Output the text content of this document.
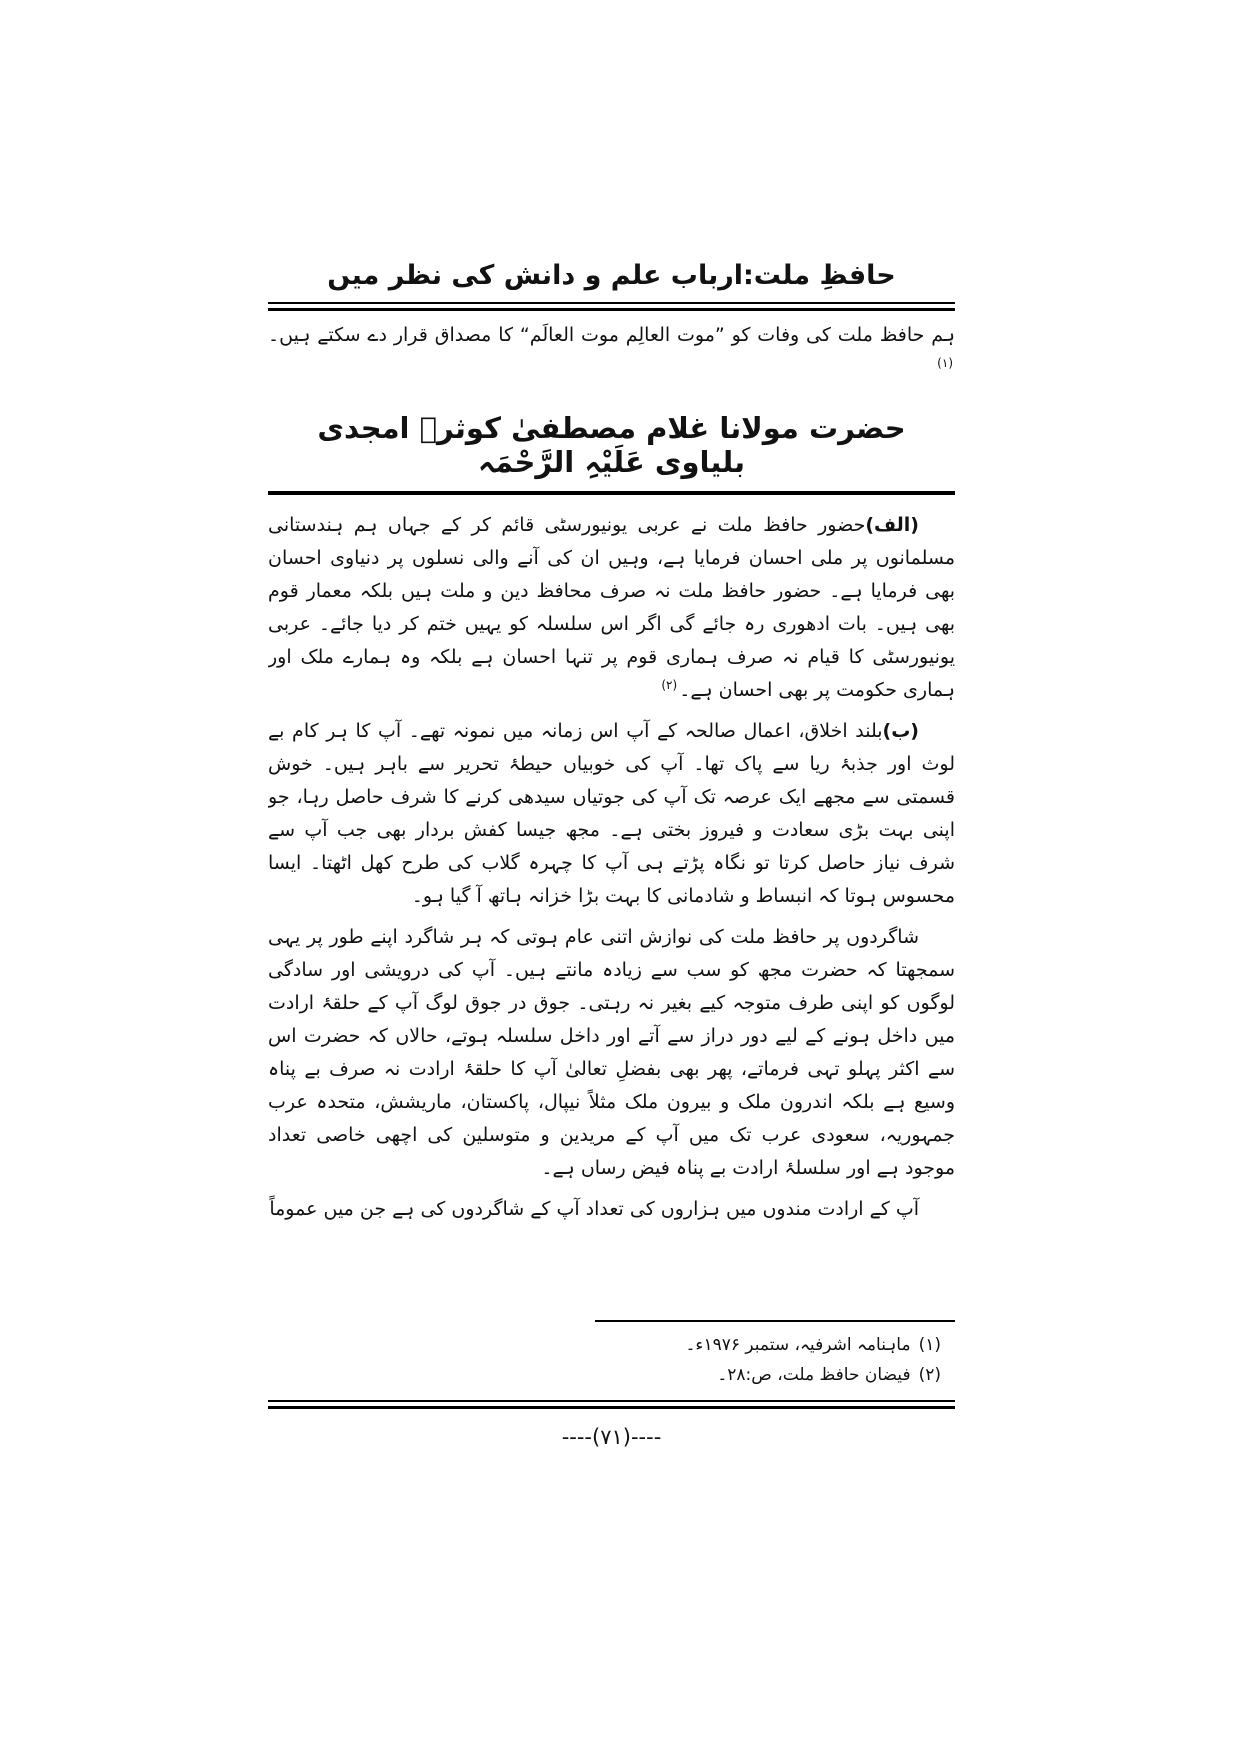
حافظِ ملت:ارباب علم و دانش کی نظر میں

ہم حافظ ملت کی وفات کو ”موت العالِم موت العالَم“ کا مصداق قرار دے سکتے ہیں۔$^{(۱)}$

حضرت مولانا غلام مصطفیٰ کوثرؔ امجدی بلیاوی عَلَیْہِ الرَّحْمَہ

(الف)حضور حافظ ملت نے عربی یونیورسٹی قائم کر کے جہاں ہم ہندستانی مسلمانوں پر ملی احسان فرمایا ہے، وہیں ان کی آنے والی نسلوں پر دنیاوی احسان بھی فرمایا ہے۔ حضور حافظ ملت نہ صرف محافظ دین و ملت ہیں بلکہ معمار قوم بھی ہیں۔ بات ادھوری رہ جائے گی اگر اس سلسلہ کو یہیں ختم کر دیا جائے۔ عربی یونیورسٹی کا قیام نہ صرف ہماری قوم پر تنہا احسان ہے بلکہ وہ ہمارے ملک اور ہماری حکومت پر بھی احسان ہے۔$^{(۲)}$

(ب)بلند اخلاق، اعمال صالحہ کے آپ اس زمانہ میں نمونہ تھے۔ آپ کا ہر کام بے لوث اور جذبۂ ریا سے پاک تھا۔ آپ کی خوبیاں حیطۂ تحریر سے باہر ہیں۔ خوش قسمتی سے مجھے ایک عرصہ تک آپ کی جوتیاں سیدھی کرنے کا شرف حاصل رہا، جو اپنی بہت بڑی سعادت و فیروز بختی ہے۔ مجھ جیسا کفش بردار بھی جب آپ سے شرف نیاز حاصل کرتا تو نگاہ پڑتے ہی آپ کا چہرہ گلاب کی طرح کھل اٹھتا۔ ایسا محسوس ہوتا کہ انبساط و شادمانی کا بہت بڑا خزانہ ہاتھ آ گیا ہو۔

شاگردوں پر حافظ ملت کی نوازش اتنی عام ہوتی کہ ہر شاگرد اپنے طور پر یہی سمجھتا کہ حضرت مجھ کو سب سے زیادہ مانتے ہیں۔ آپ کی درویشی اور سادگی لوگوں کو اپنی طرف متوجہ کیے بغیر نہ رہتی۔ جوق در جوق لوگ آپ کے حلقۂ ارادت میں داخل ہونے کے لیے دور دراز سے آتے اور داخل سلسلہ ہوتے، حالاں کہ حضرت اس سے اکثر پہلو تہی فرماتے، پھر بھی بفضلِ تعالیٰ آپ کا حلقۂ ارادت نہ صرف بے پناہ وسیع ہے بلکہ اندرون ملک و بیرون ملک مثلاً نیپال، پاکستان، ماریشش، متحدہ عرب جمہوریہ، سعودی عرب تک میں آپ کے مریدین و متوسلین کی اچھی خاصی تعداد موجود ہے اور سلسلۂ ارادت بے پناہ فیض رساں ہے۔

آپ کے ارادت مندوں میں ہزاروں کی تعداد آپ کے شاگردوں کی ہے جن میں عموماً

(۱)ماہنامہ اشرفیہ، ستمبر ۱۹۷۶ء۔
(۲)فیضان حافظ ملت، ص:۲۸۔
----(۷۱)----
